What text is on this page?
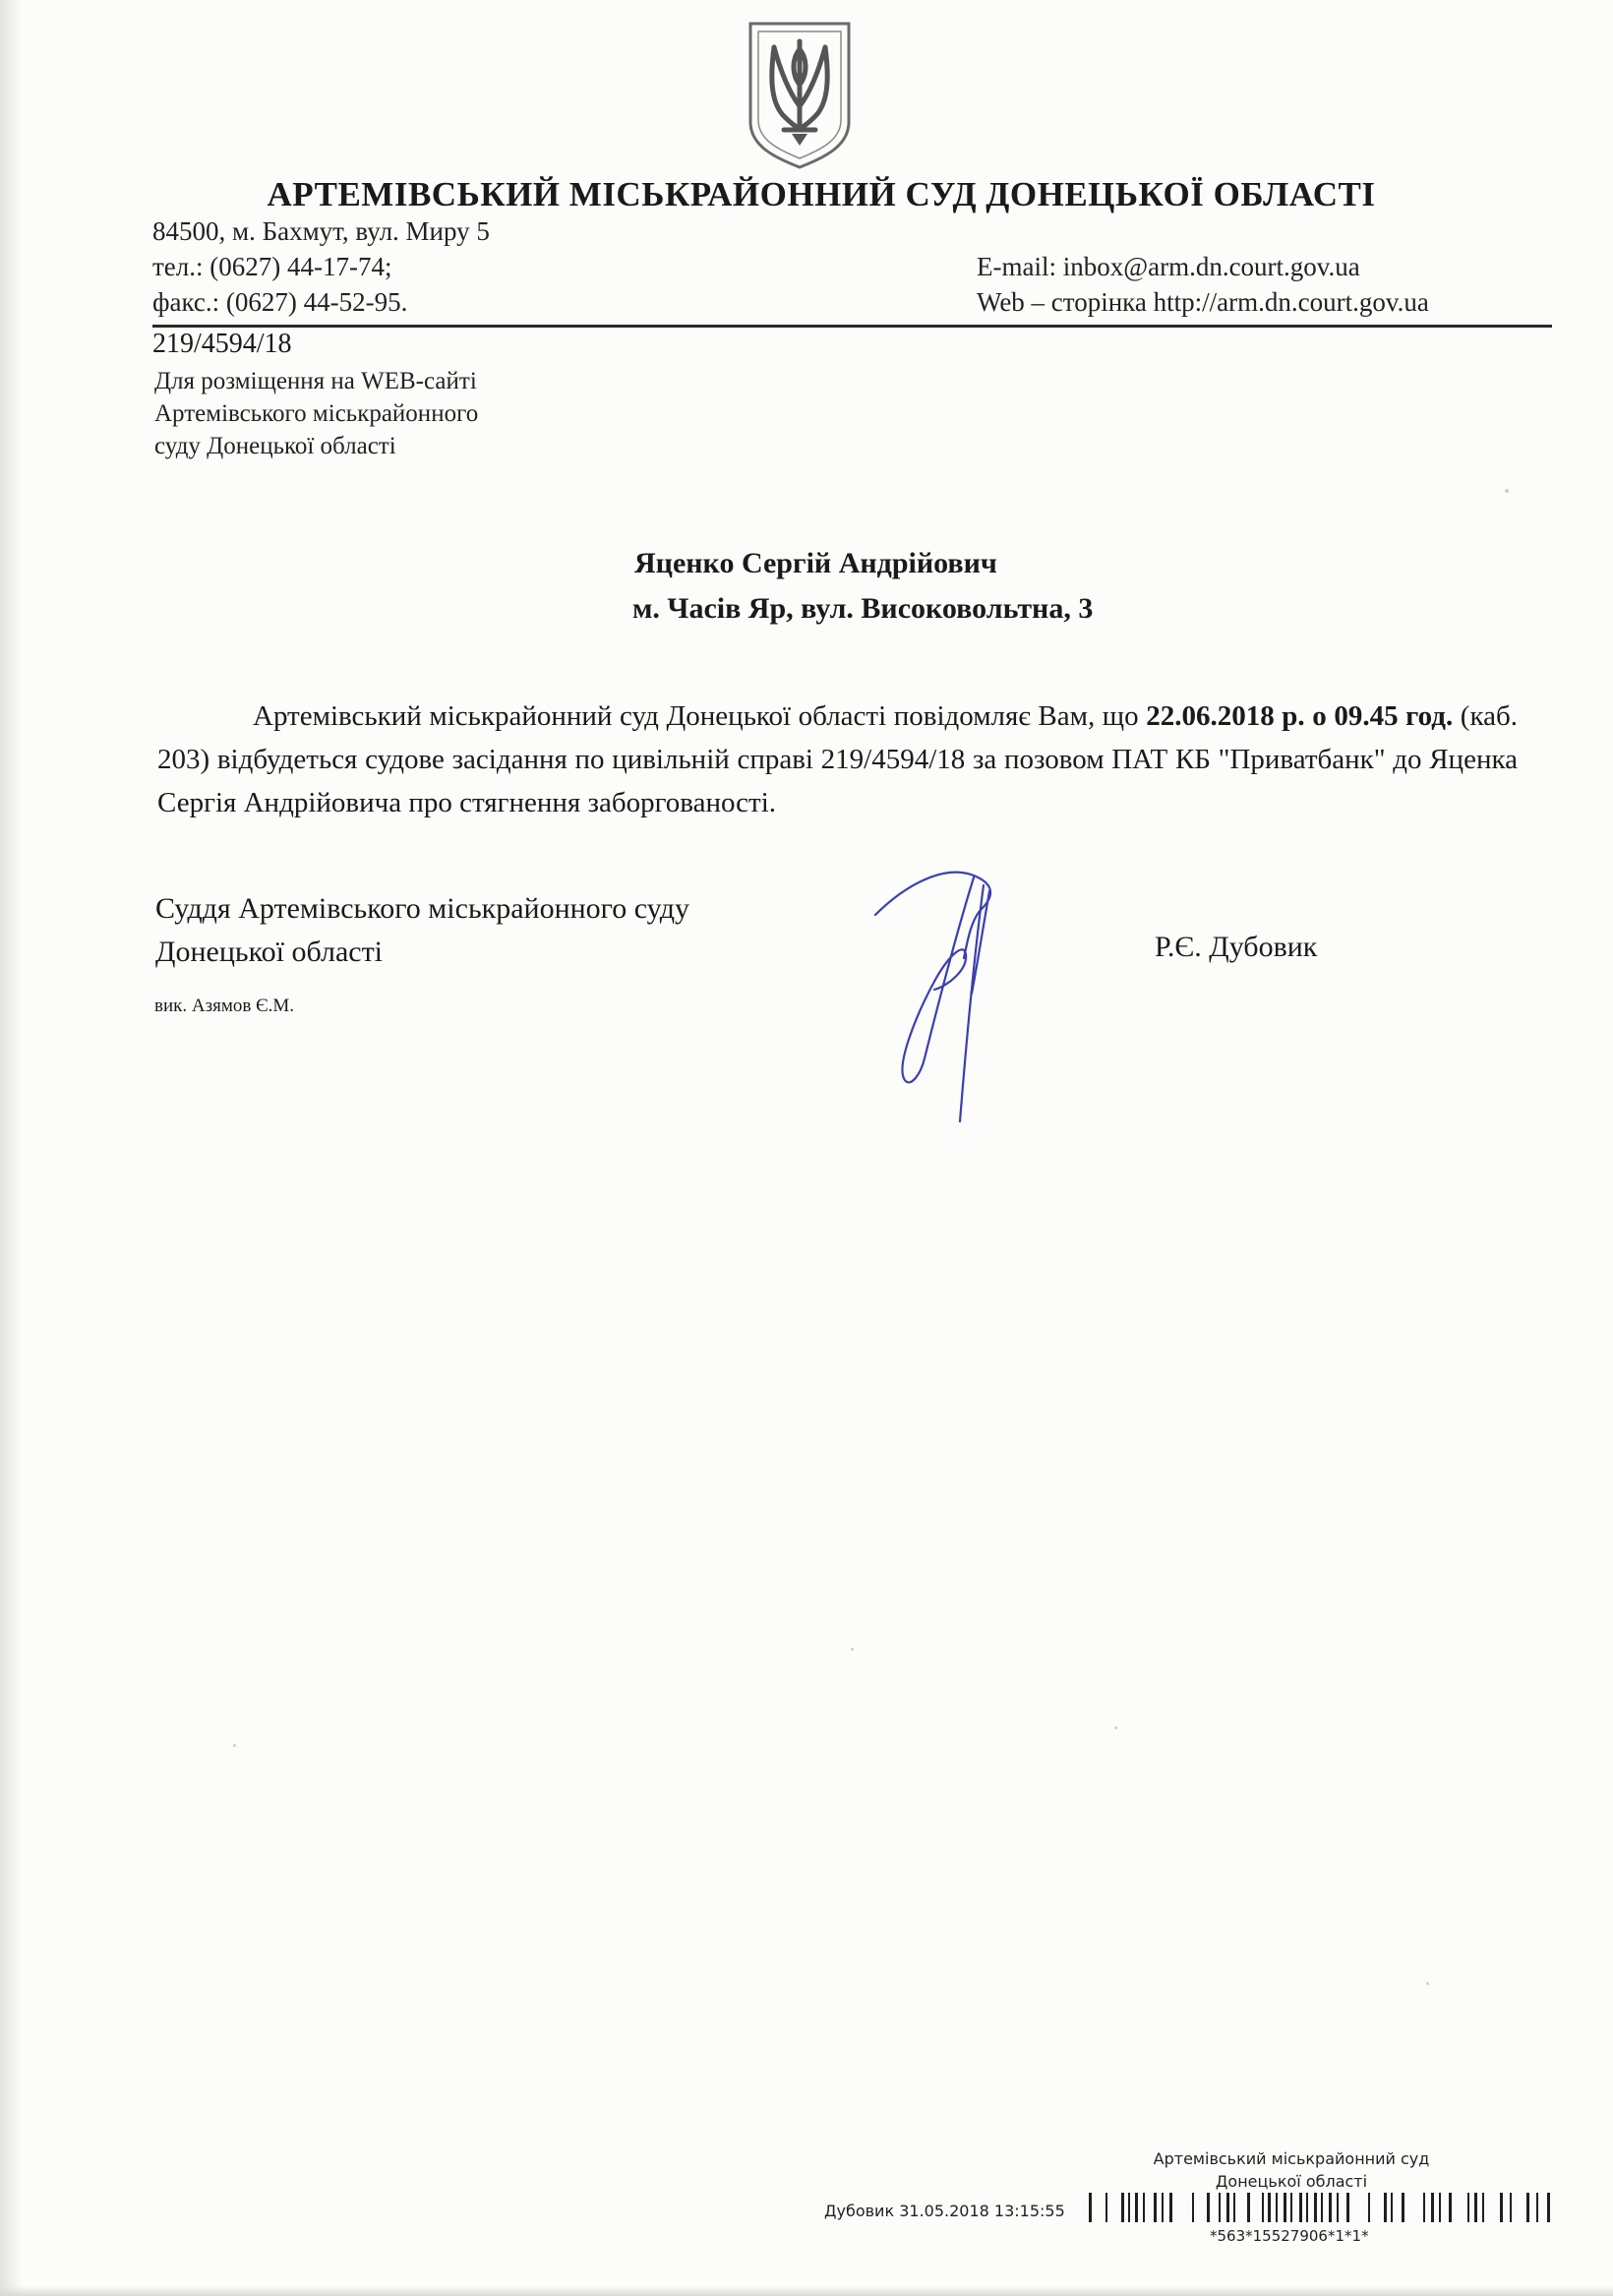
АРТЕМІВСЬКИЙ МІСЬКРАЙОННИЙ СУД ДОНЕЦЬКОЇ ОБЛАСТІ
84500, м. Бахмут, вул. Миру 5
тел.: (0627) 44-17-74;
факс.: (0627) 44-52-95.
E-mail: inbox@arm.dn.court.gov.ua
Web – сторінка http://arm.dn.court.gov.ua
219/4594/18
Для розміщення на WEB-сайті
Артемівського міськрайонного
суду Донецької області
Яценко Сергій Андрійович
м. Часів Яр, вул. Високовольтна, 3
Артемівський міськрайонний суд Донецької області повідомляє Вам, що 22.06.2018 р. о 09.45 год. (каб. 203) відбудеться судове засідання по цивільній справі 219/4594/18 за позовом ПАТ КБ "Приватбанк" до Яценка Сергія Андрійовича про стягнення заборгованості.
Суддя Артемівського міськрайонного суду
Донецької області	Р.Є. Дубовик
вик. Азямов Є.М.
Артемівський міськрайонний суд
Донецької області
Дубовик 31.05.2018 13:15:55
*563*15527906*1*1*
